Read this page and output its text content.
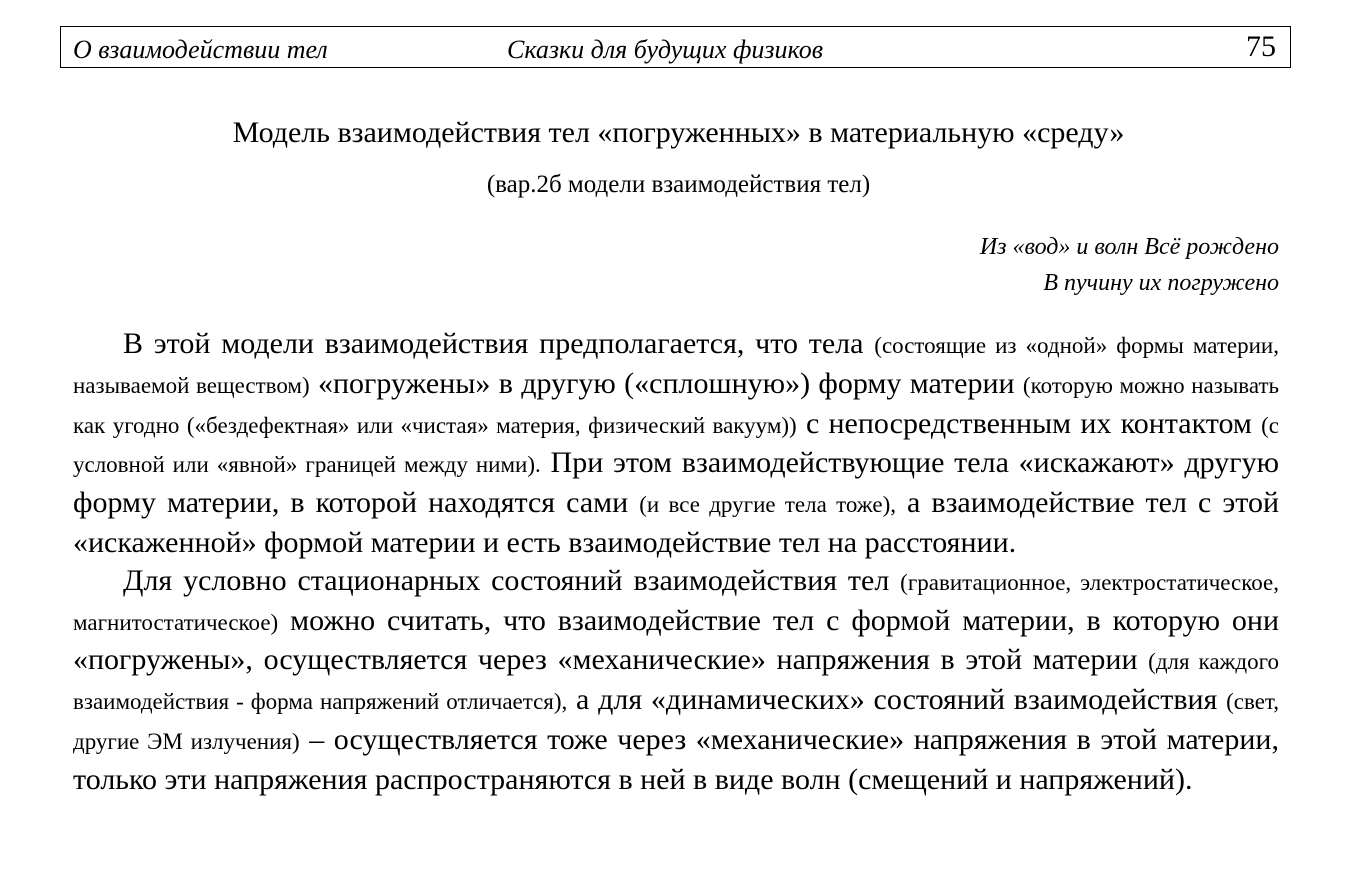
О взаимодействии тел	Сказки для будущих физиков	75
Модель взаимодействия тел «погруженных» в материальную «среду»
(вар.2б модели взаимодействия тел)
Из «вод» и волн Всё рождено
В пучину их погружено

В этой модели взаимодействия предполагается, что тела (состоящие из «одной» формы материи, называемой веществом) «погружены» в другую («сплошную») форму материи (которую можно называть как угодно («бездефектная» или «чистая» материя, физический вакуум)) с непосредственным их контактом (с условной или «явной» границей между ними). При этом взаимодействующие тела «искажают» другую форму материи, в которой находятся сами (и все другие тела тоже), а взаимодействие тел с этой «искаженной» формой материи и есть взаимодействие тел на расстоянии.

Для условно стационарных состояний взаимодействия тел (гравитационное, электростатическое, магнитостатическое) можно считать, что взаимодействие тел с формой материи, в которую они «погружены», осуществляется через «механические» напряжения в этой материи (для каждого взаимодействия - форма напряжений отличается), а для «динамических» состояний взаимодействия (свет, другие ЭМ излучения) – осуществляется тоже через «механические» напряжения в этой материи, только эти напряжения распространяются в ней в виде волн (смещений и напряжений).
